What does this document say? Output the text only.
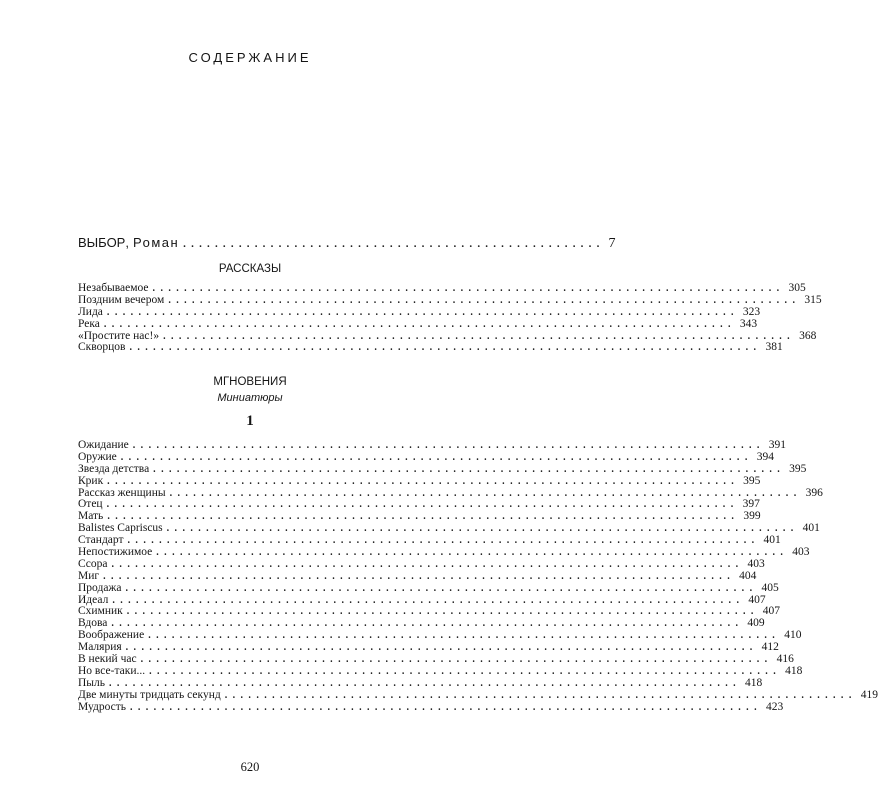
СОДЕРЖАНИЕ
ВЫБОР , Роман ..................................................... 7
РАССКАЗЫ
Незабываемое ................................................................................ 305
Поздним вечером ................................................................................ 315
Лида ................................................................................ 323
Река ................................................................................ 343
«Простите нас!» ................................................................................ 368
Скворцов ................................................................................ 381
МГНОВЕНИЯ
Миниатюры
1
Ожидание ................................................................................ 391
Оружие ................................................................................ 394
Звезда детства ................................................................................ 395
Крик ................................................................................ 395
Рассказ женщины ................................................................................ 396
Отец ................................................................................ 397
Мать ................................................................................ 399
Balistes Capriscus ................................................................................ 401
Стандарт ................................................................................ 401
Непостижимое ................................................................................ 403
Ссора ................................................................................ 403
Миг ................................................................................ 404
Продажа ................................................................................ 405
Идеал ................................................................................ 407
Схимник ................................................................................ 407
Вдова ................................................................................ 409
Воображение ................................................................................ 410
Малярия ................................................................................ 412
В некий час ................................................................................ 416
Но все-таки... ................................................................................ 418
Пыль ................................................................................ 418
Две минуты тридцать секунд ................................................................................ 419
Мудрость ................................................................................ 423
620
